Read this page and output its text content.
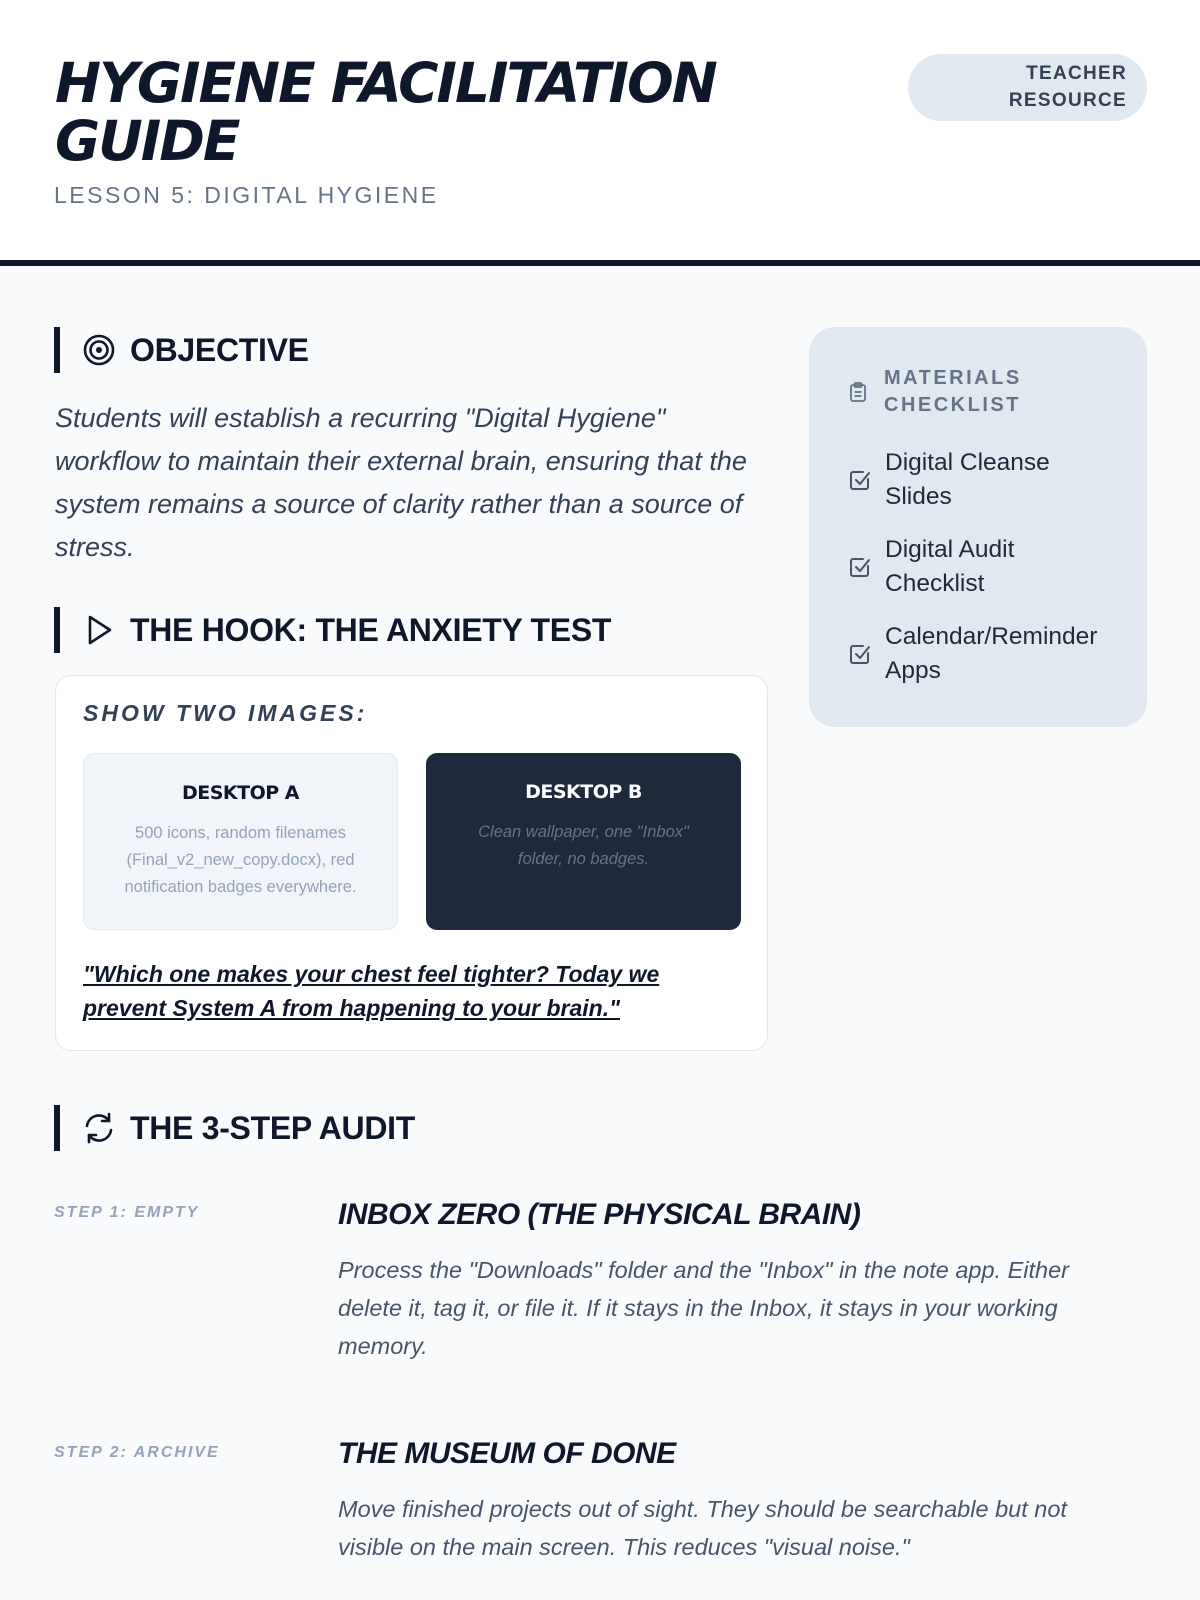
HYGIENE FACILITATION GUIDE
LESSON 5: DIGITAL HYGIENE
TEACHER RESOURCE
OBJECTIVE
Students will establish a recurring "Digital Hygiene" workflow to maintain their external brain, ensuring that the system remains a source of clarity rather than a source of stress.
THE HOOK: THE ANXIETY TEST
SHOW TWO IMAGES:
DESKTOP A
500 icons, random filenames (Final_v2_new_copy.docx), red notification badges everywhere.
DESKTOP B
Clean wallpaper, one "Inbox" folder, no badges.
"Which one makes your chest feel tighter? Today we prevent System A from happening to your brain."
MATERIALS CHECKLIST
Digital Cleanse Slides
Digital Audit Checklist
Calendar/Reminder Apps
THE 3-STEP AUDIT
STEP 1: EMPTY	INBOX ZERO (THE PHYSICAL BRAIN)
Process the "Downloads" folder and the "Inbox" in the note app. Either delete it, tag it, or file it. If it stays in the Inbox, it stays in your working memory.
STEP 2: ARCHIVE	THE MUSEUM OF DONE
Move finished projects out of sight. They should be searchable but not visible on the main screen. This reduces "visual noise."
